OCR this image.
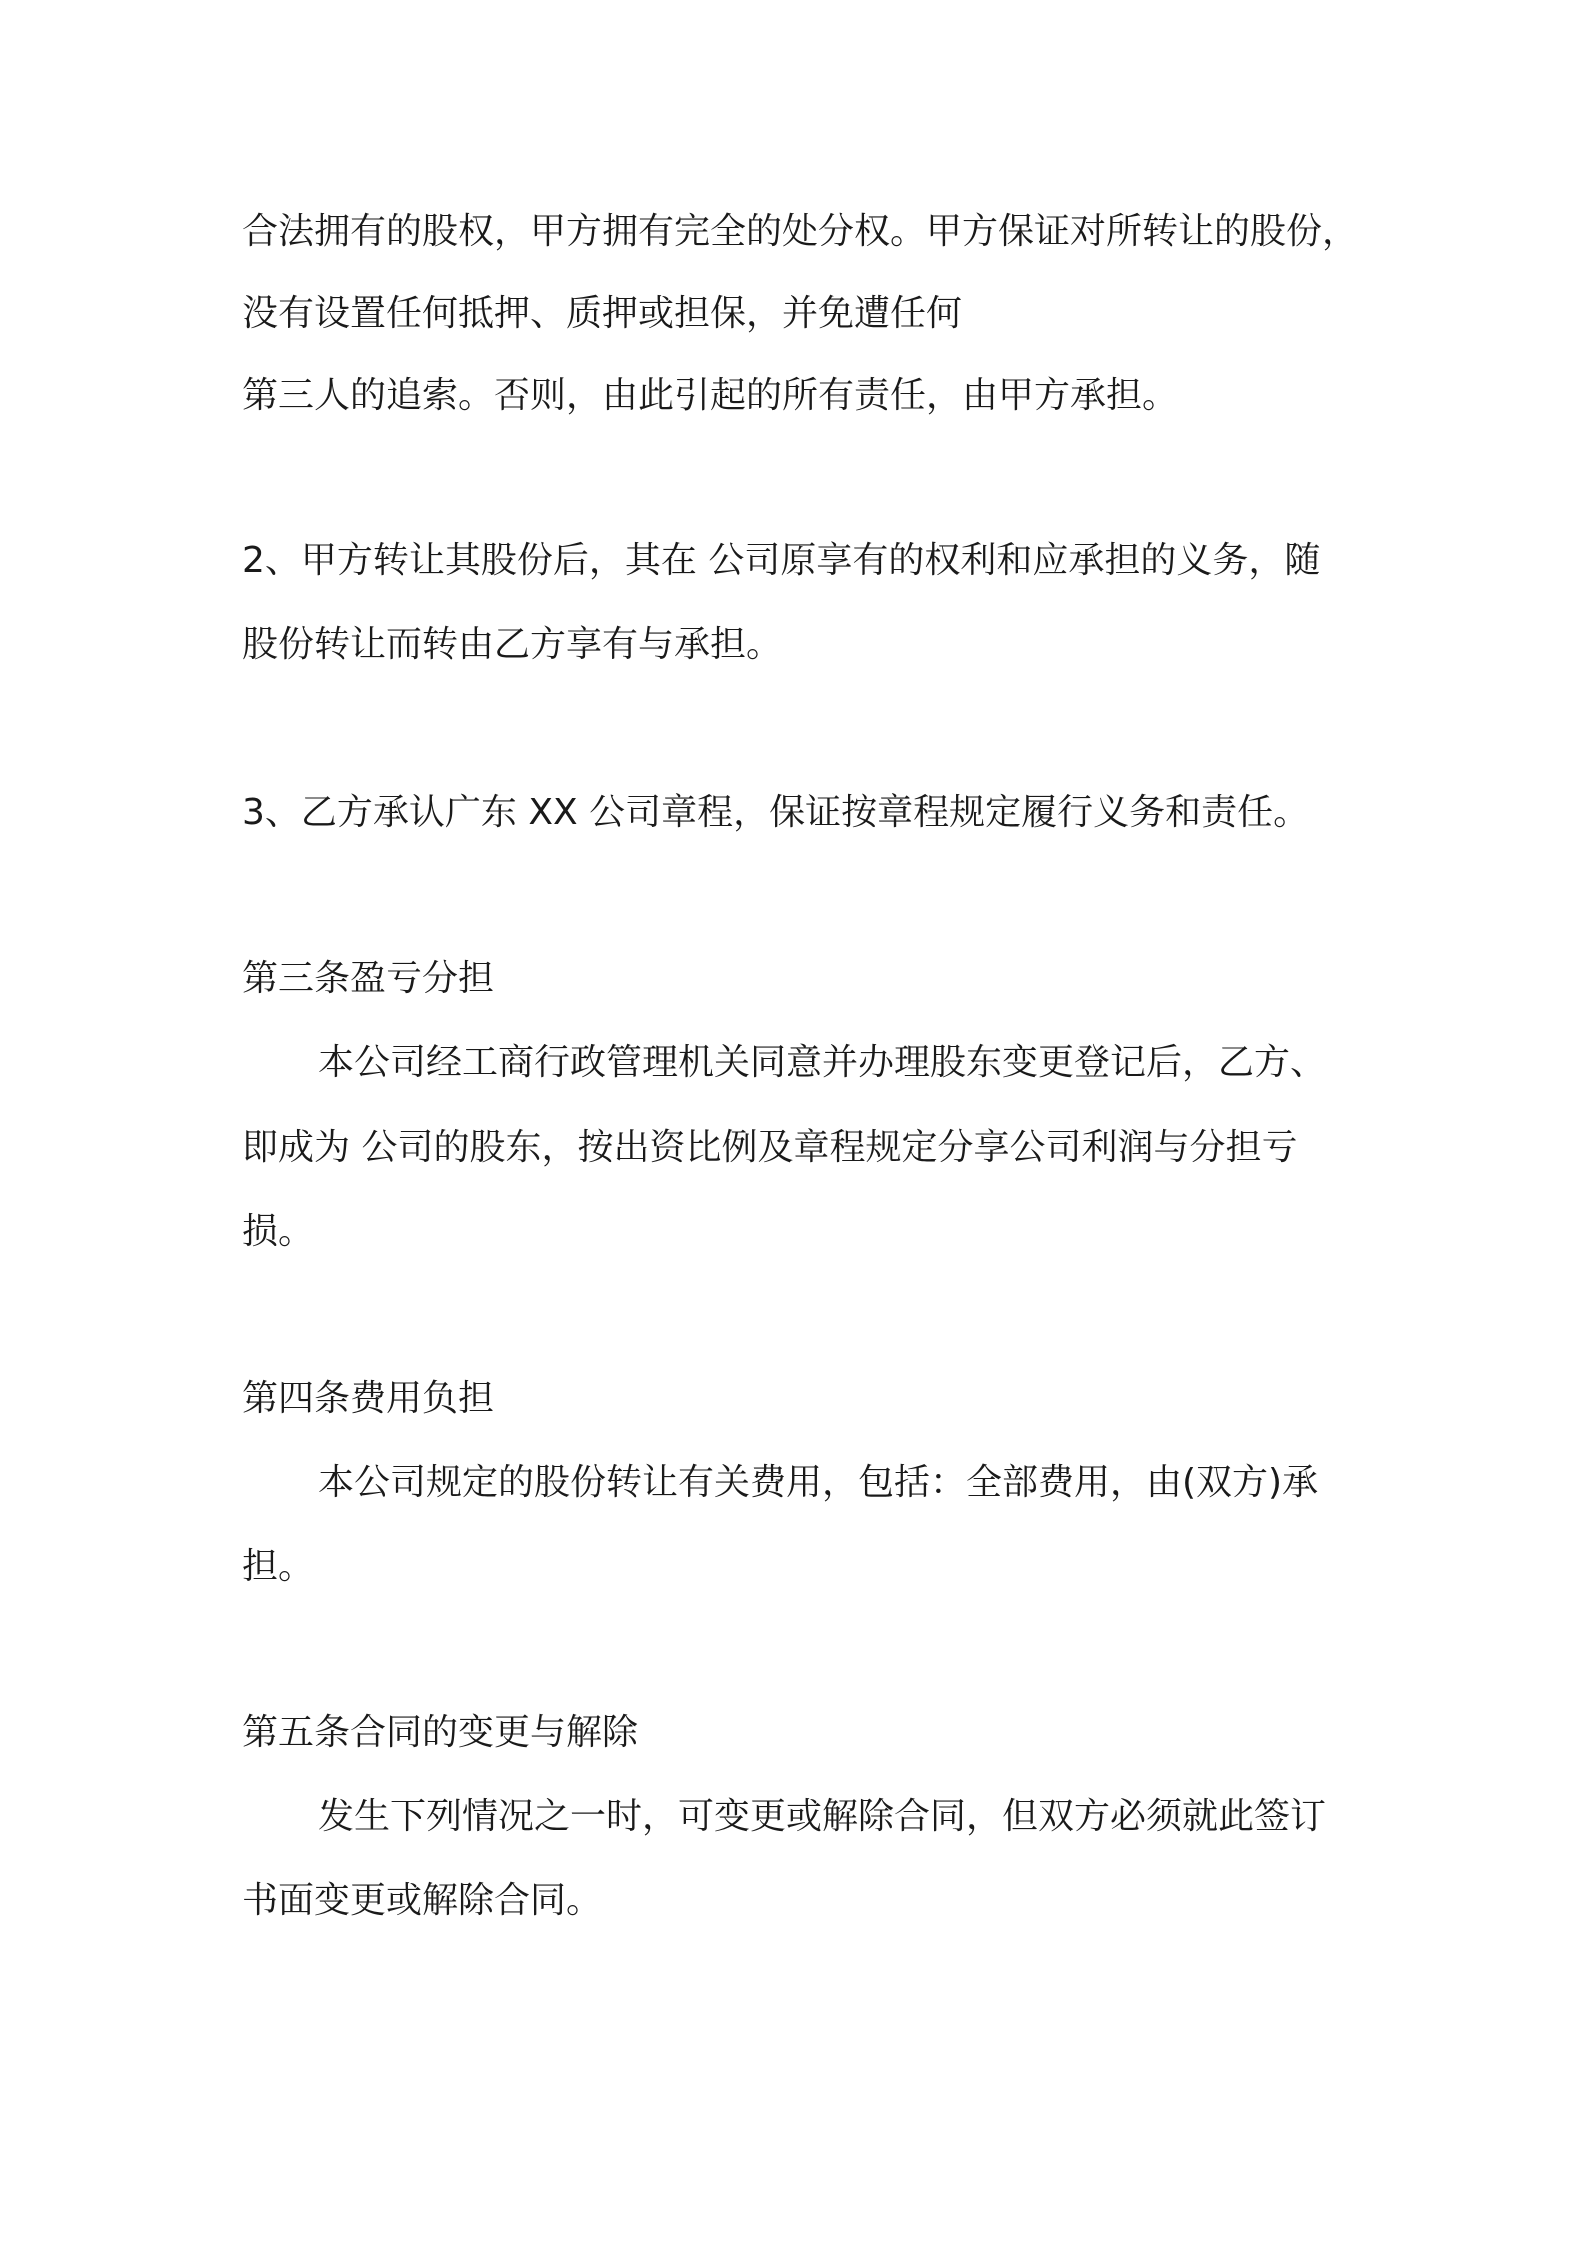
合法拥有的股权，甲方拥有完全的处分权。甲方保证对所转让的股份，
没有设置任何抵押、质押或担保，并免遭任何
第三人的追索。否则，由此引起的所有责任，由甲方承担。
2、甲方转让其股份后，其在 公司原享有的权利和应承担的义务，随
股份转让而转由乙方享有与承担。
3、乙方承认广东 XX 公司章程，保证按章程规定履行义务和责任。
第三条盈亏分担
本公司经工商行政管理机关同意并办理股东变更登记后，乙方、
即成为 公司的股东，按出资比例及章程规定分享公司利润与分担亏
损。
第四条费用负担
本公司规定的股份转让有关费用，包括：全部费用，由(双方)承
担。
第五条合同的变更与解除
发生下列情况之一时，可变更或解除合同，但双方必须就此签订
书面变更或解除合同。
